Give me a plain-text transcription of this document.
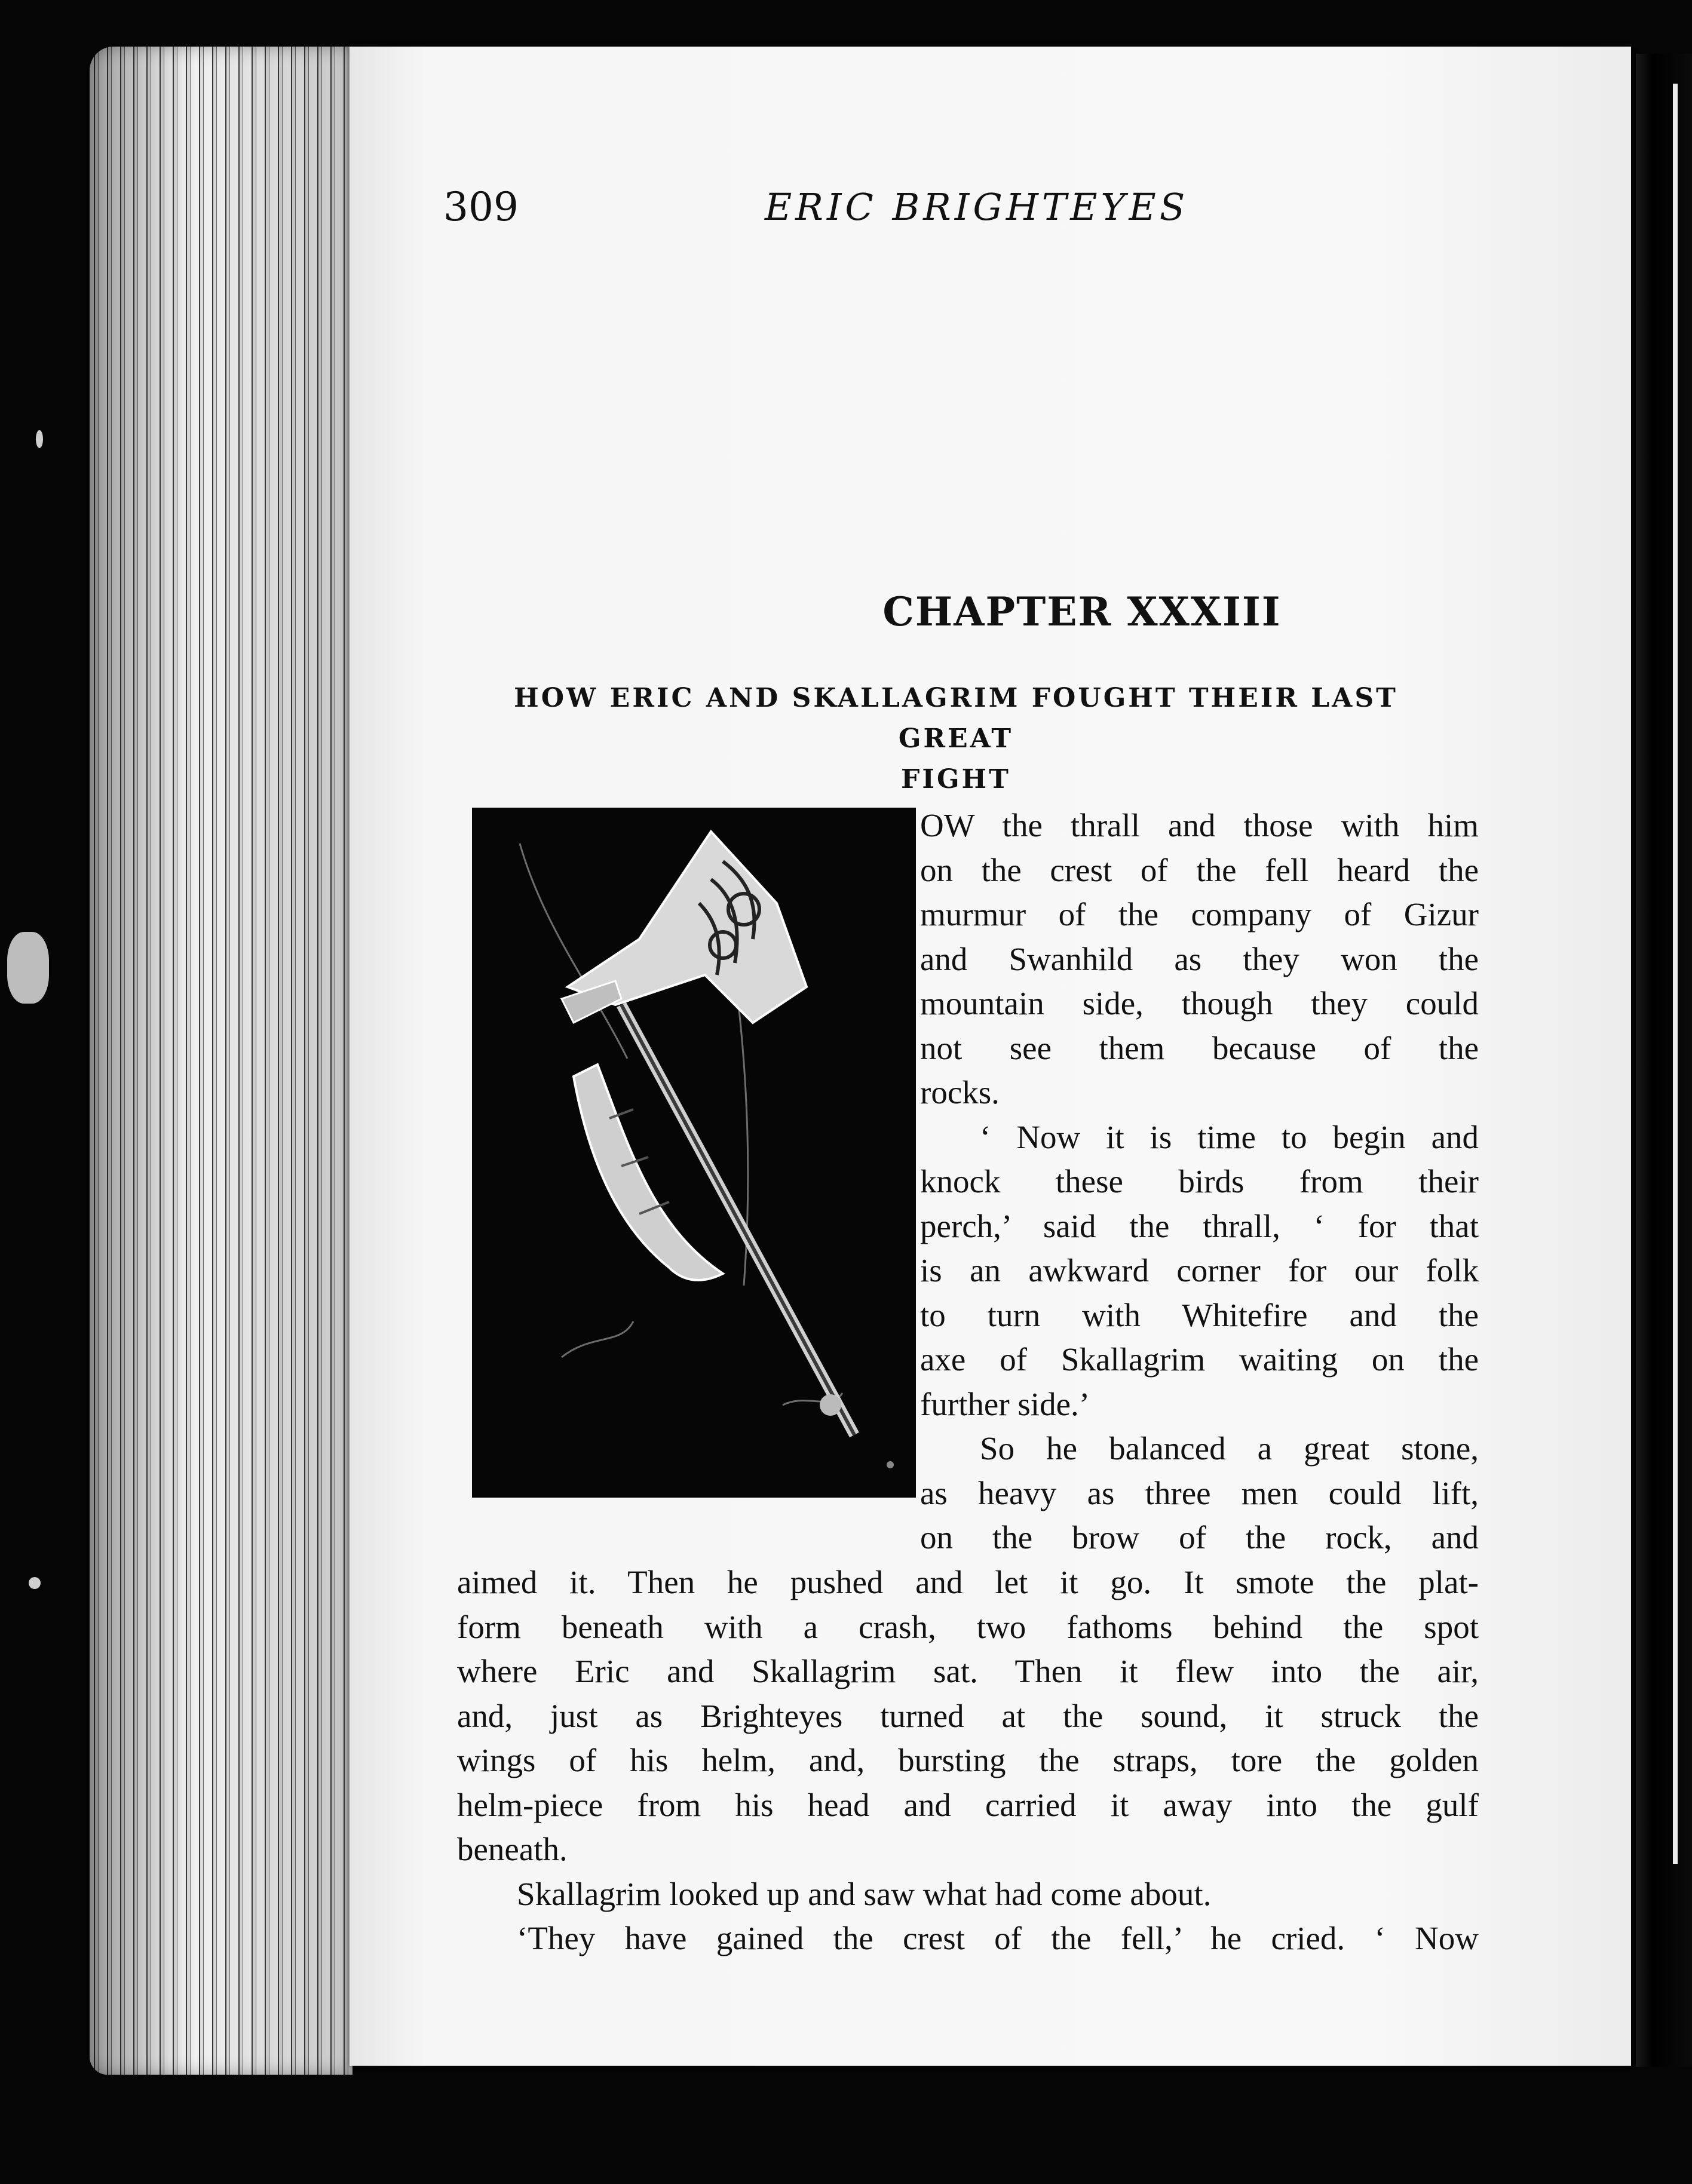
309	ERIC BRIGHTEYES
CHAPTER XXXIII
HOW ERIC AND SKALLAGRIM FOUGHT THEIR LAST GREAT
FIGHT
OW the thrall and those with him
on the crest of the fell heard the
murmur of the company of Gizur
and Swanhild as they won the
mountain side, though they could
not see them because of the
rocks.
‘ Now it is time to begin and
knock these birds from their
perch,’ said the thrall, ‘ for that
is an awkward corner for our folk
to turn with Whitefire and the
axe of Skallagrim waiting on the
further side.’
So he balanced a great stone,
as heavy as three men could lift,
on the brow of the rock, and
aimed it. Then he pushed and let it go. It smote the plat-
form beneath with a crash, two fathoms behind the spot
where Eric and Skallagrim sat. Then it flew into the air,
and, just as Brighteyes turned at the sound, it struck the
wings of his helm, and, bursting the straps, tore the golden
helm-piece from his head and carried it away into the gulf
beneath.
Skallagrim looked up and saw what had come about.
‘They have gained the crest of the fell,’ he cried. ‘ Now
